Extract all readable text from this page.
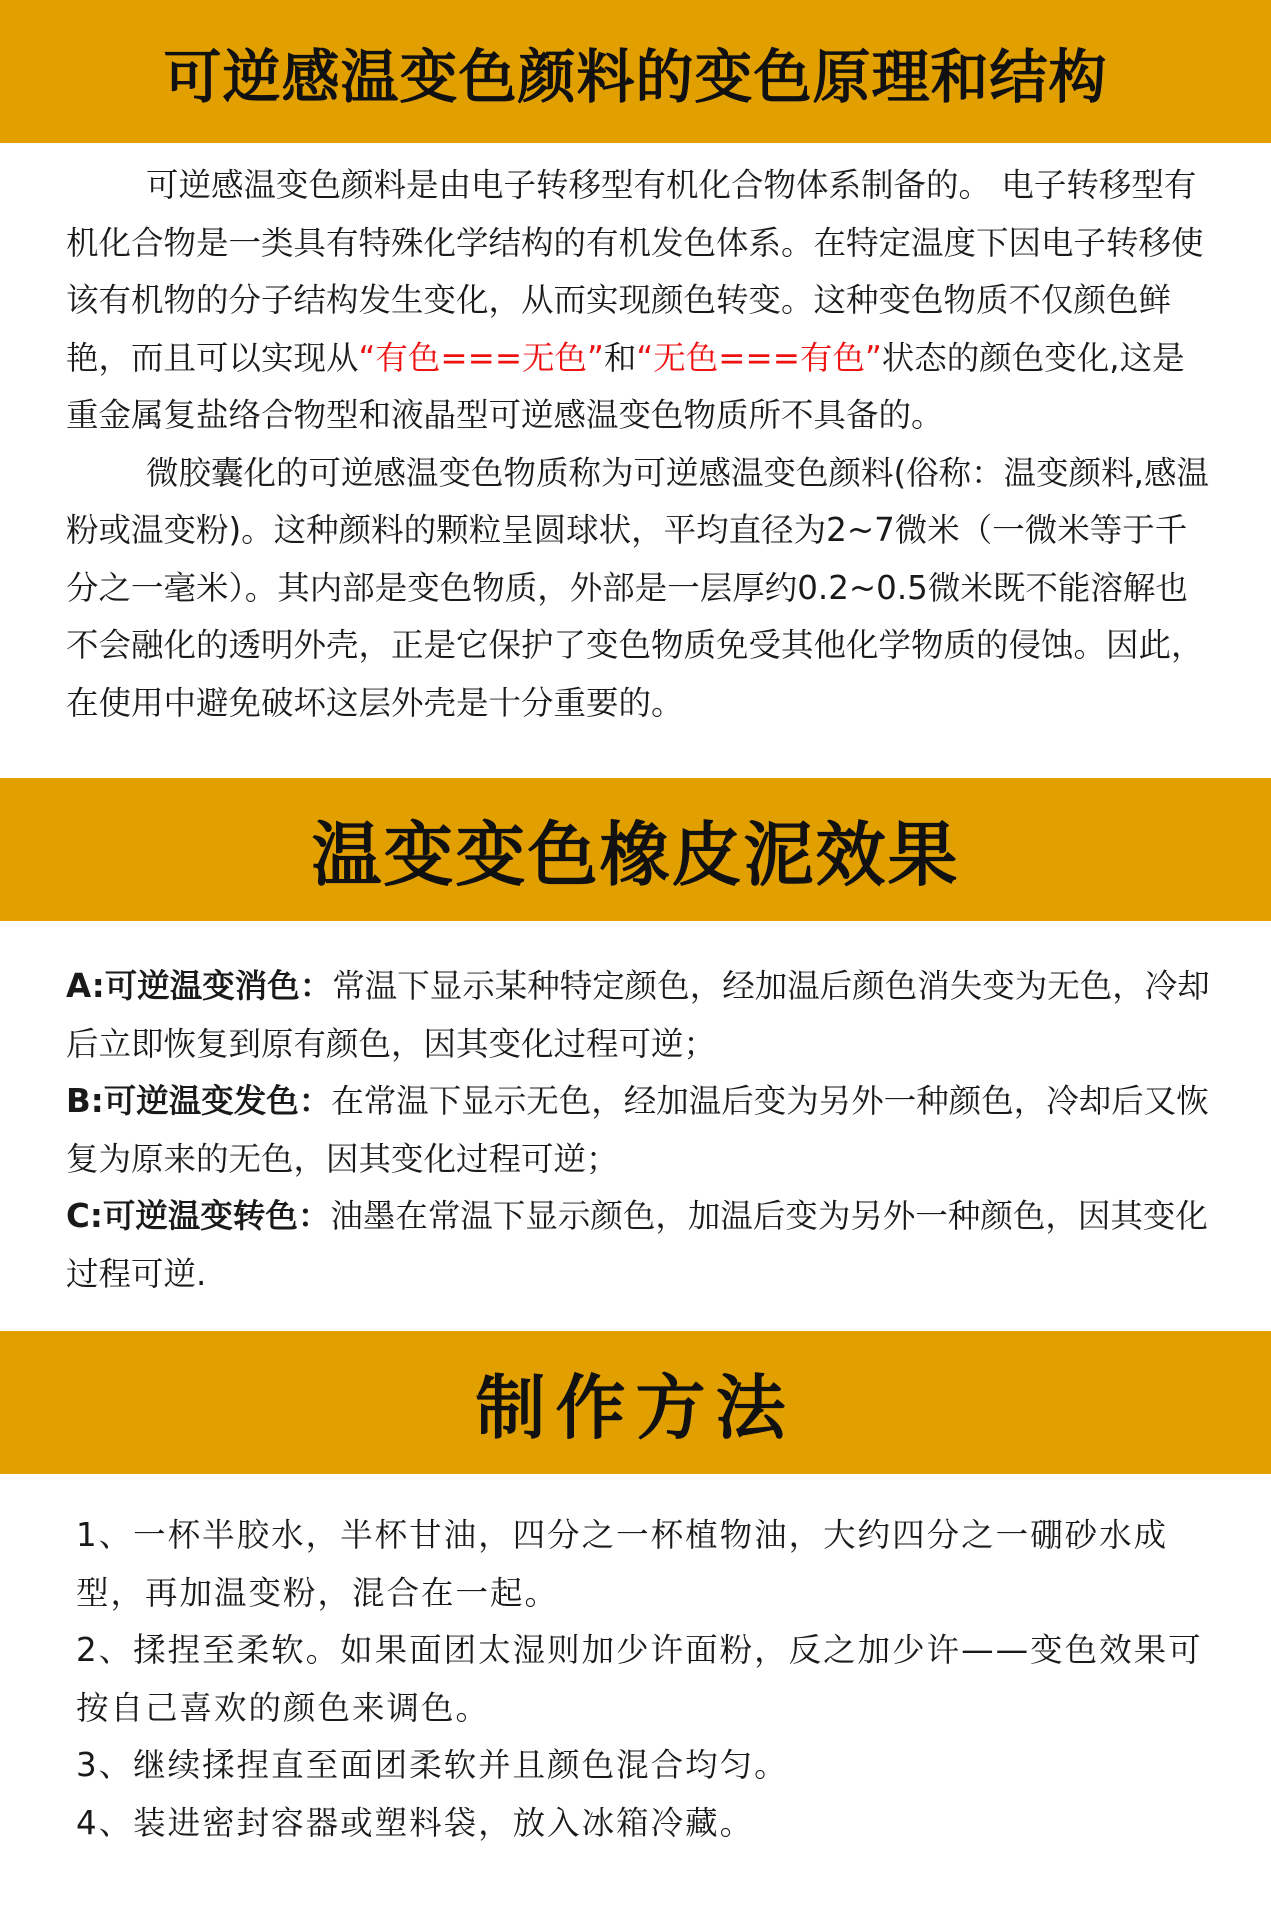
可逆感温变色颜料的变色原理和结构

可逆感温变色颜料是由电子转移型有机化合物体系制备的。 电子转移型有机化合物是一类具有特殊化学结构的有机发色体系。在特定温度下因电子转移使该有机物的分子结构发生变化，从而实现颜色转变。这种变色物质不仅颜色鲜艳，而且可以实现从“有色===无色”和“无色===有色”状态的颜色变化,这是重金属复盐络合物型和液晶型可逆感温变色物质所不具备的。

微胶囊化的可逆感温变色物质称为可逆感温变色颜料(俗称：温变颜料,感温粉或温变粉)。这种颜料的颗粒呈圆球状，平均直径为2~7微米（一微米等于千分之一毫米）。其内部是变色物质，外部是一层厚约0.2~0.5微米既不能溶解也不会融化的透明外壳，正是它保护了变色物质免受其他化学物质的侵蚀。因此，在使用中避免破坏这层外壳是十分重要的。

温变变色橡皮泥效果

A:可逆温变消色：常温下显示某种特定颜色，经加温后颜色消失变为无色，冷却后立即恢复到原有颜色，因其变化过程可逆；

B:可逆温变发色：在常温下显示无色，经加温后变为另外一种颜色，冷却后又恢复为原来的无色，因其变化过程可逆；

C:可逆温变转色：油墨在常温下显示颜色，加温后变为另外一种颜色，因其变化过程可逆.

制作方法

1、一杯半胶水，半杯甘油，四分之一杯植物油，大约四分之一硼砂水成型，再加温变粉，混合在一起。

2、揉捏至柔软。如果面团太湿则加少许面粉，反之加少许——变色效果可按自己喜欢的颜色来调色。

3、继续揉捏直至面团柔软并且颜色混合均匀。

4、装进密封容器或塑料袋，放入冰箱冷藏。
